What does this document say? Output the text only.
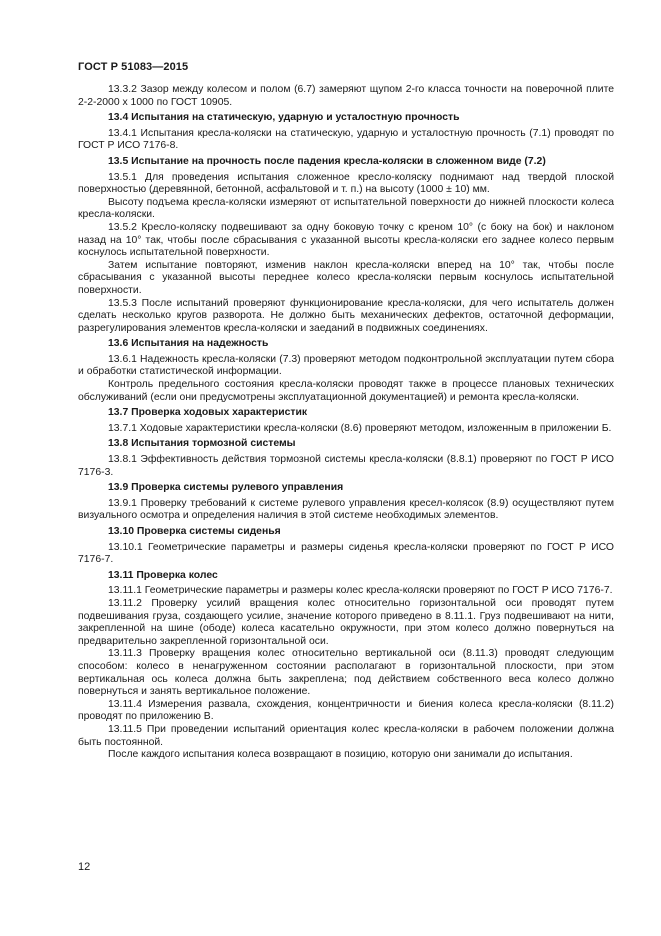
ГОСТ Р 51083—2015

13.3.2 Зазор между колесом и полом (6.7) замеряют щупом 2-го класса точности на поверочной плите 2-2-2000 x 1000 по ГОСТ 10905.

13.4 Испытания на статическую, ударную и усталостную прочность

13.4.1 Испытания кресла-коляски на статическую, ударную и усталостную прочность (7.1) проводят по ГОСТ Р ИСО 7176-8.

13.5 Испытание на прочность после падения кресла-коляски в сложенном виде (7.2)

13.5.1 Для проведения испытания сложенное кресло-коляску поднимают над твердой плоской поверхностью (деревянной, бетонной, асфальтовой и т. п.) на высоту (1000 ± 10) мм.

Высоту подъема кресла-коляски измеряют от испытательной поверхности до нижней плоскости колеса кресла-коляски.

13.5.2 Кресло-коляску подвешивают за одну боковую точку с креном 10° (с боку на бок) и наклоном назад на 10° так, чтобы после сбрасывания с указанной высоты кресла-коляски его заднее колесо первым коснулось испытательной поверхности.

Затем испытание повторяют, изменив наклон кресла-коляски вперед на 10° так, чтобы после сбрасывания с указанной высоты переднее колесо кресла-коляски первым коснулось испытательной поверхности.

13.5.3 После испытаний проверяют функционирование кресла-коляски, для чего испытатель должен сделать несколько кругов разворота. Не должно быть механических дефектов, остаточной деформации, разрегулирования элементов кресла-коляски и заеданий в подвижных соединениях.

13.6 Испытания на надежность

13.6.1 Надежность кресла-коляски (7.3) проверяют методом подконтрольной эксплуатации путем сбора и обработки статистической информации.

Контроль предельного состояния кресла-коляски проводят также в процессе плановых технических обслуживаний (если они предусмотрены эксплуатационной документацией) и ремонта кресла-коляски.

13.7 Проверка ходовых характеристик

13.7.1 Ходовые характеристики кресла-коляски (8.6) проверяют методом, изложенным в приложении Б.

13.8 Испытания тормозной системы

13.8.1 Эффективность действия тормозной системы кресла-коляски (8.8.1) проверяют по ГОСТ Р ИСО 7176-3.

13.9 Проверка системы рулевого управления

13.9.1 Проверку требований к системе рулевого управления кресел-колясок (8.9) осуществляют путем визуального осмотра и определения наличия в этой системе необходимых элементов.

13.10 Проверка системы сиденья

13.10.1 Геометрические параметры и размеры сиденья кресла-коляски проверяют по ГОСТ Р ИСО 7176-7.

13.11 Проверка колес

13.11.1 Геометрические параметры и размеры колес кресла-коляски проверяют по ГОСТ Р ИСО 7176-7.

13.11.2 Проверку усилий вращения колес относительно горизонтальной оси проводят путем подвешивания груза, создающего усилие, значение которого приведено в 8.11.1. Груз подвешивают на нити, закрепленной на шине (ободе) колеса касательно окружности, при этом колесо должно повернуться на предварительно закрепленной горизонтальной оси.

13.11.3 Проверку вращения колес относительно вертикальной оси (8.11.3) проводят следующим способом: колесо в ненагруженном состоянии располагают в горизонтальной плоскости, при этом вертикальная ось колеса должна быть закреплена; под действием собственного веса колесо должно повернуться и занять вертикальное положение.

13.11.4 Измерения развала, схождения, концентричности и биения колеса кресла-коляски (8.11.2) проводят по приложению В.

13.11.5 При проведении испытаний ориентация колес кресла-коляски в рабочем положении должна быть постоянной.

После каждого испытания колеса возвращают в позицию, которую они занимали до испытания.

12
